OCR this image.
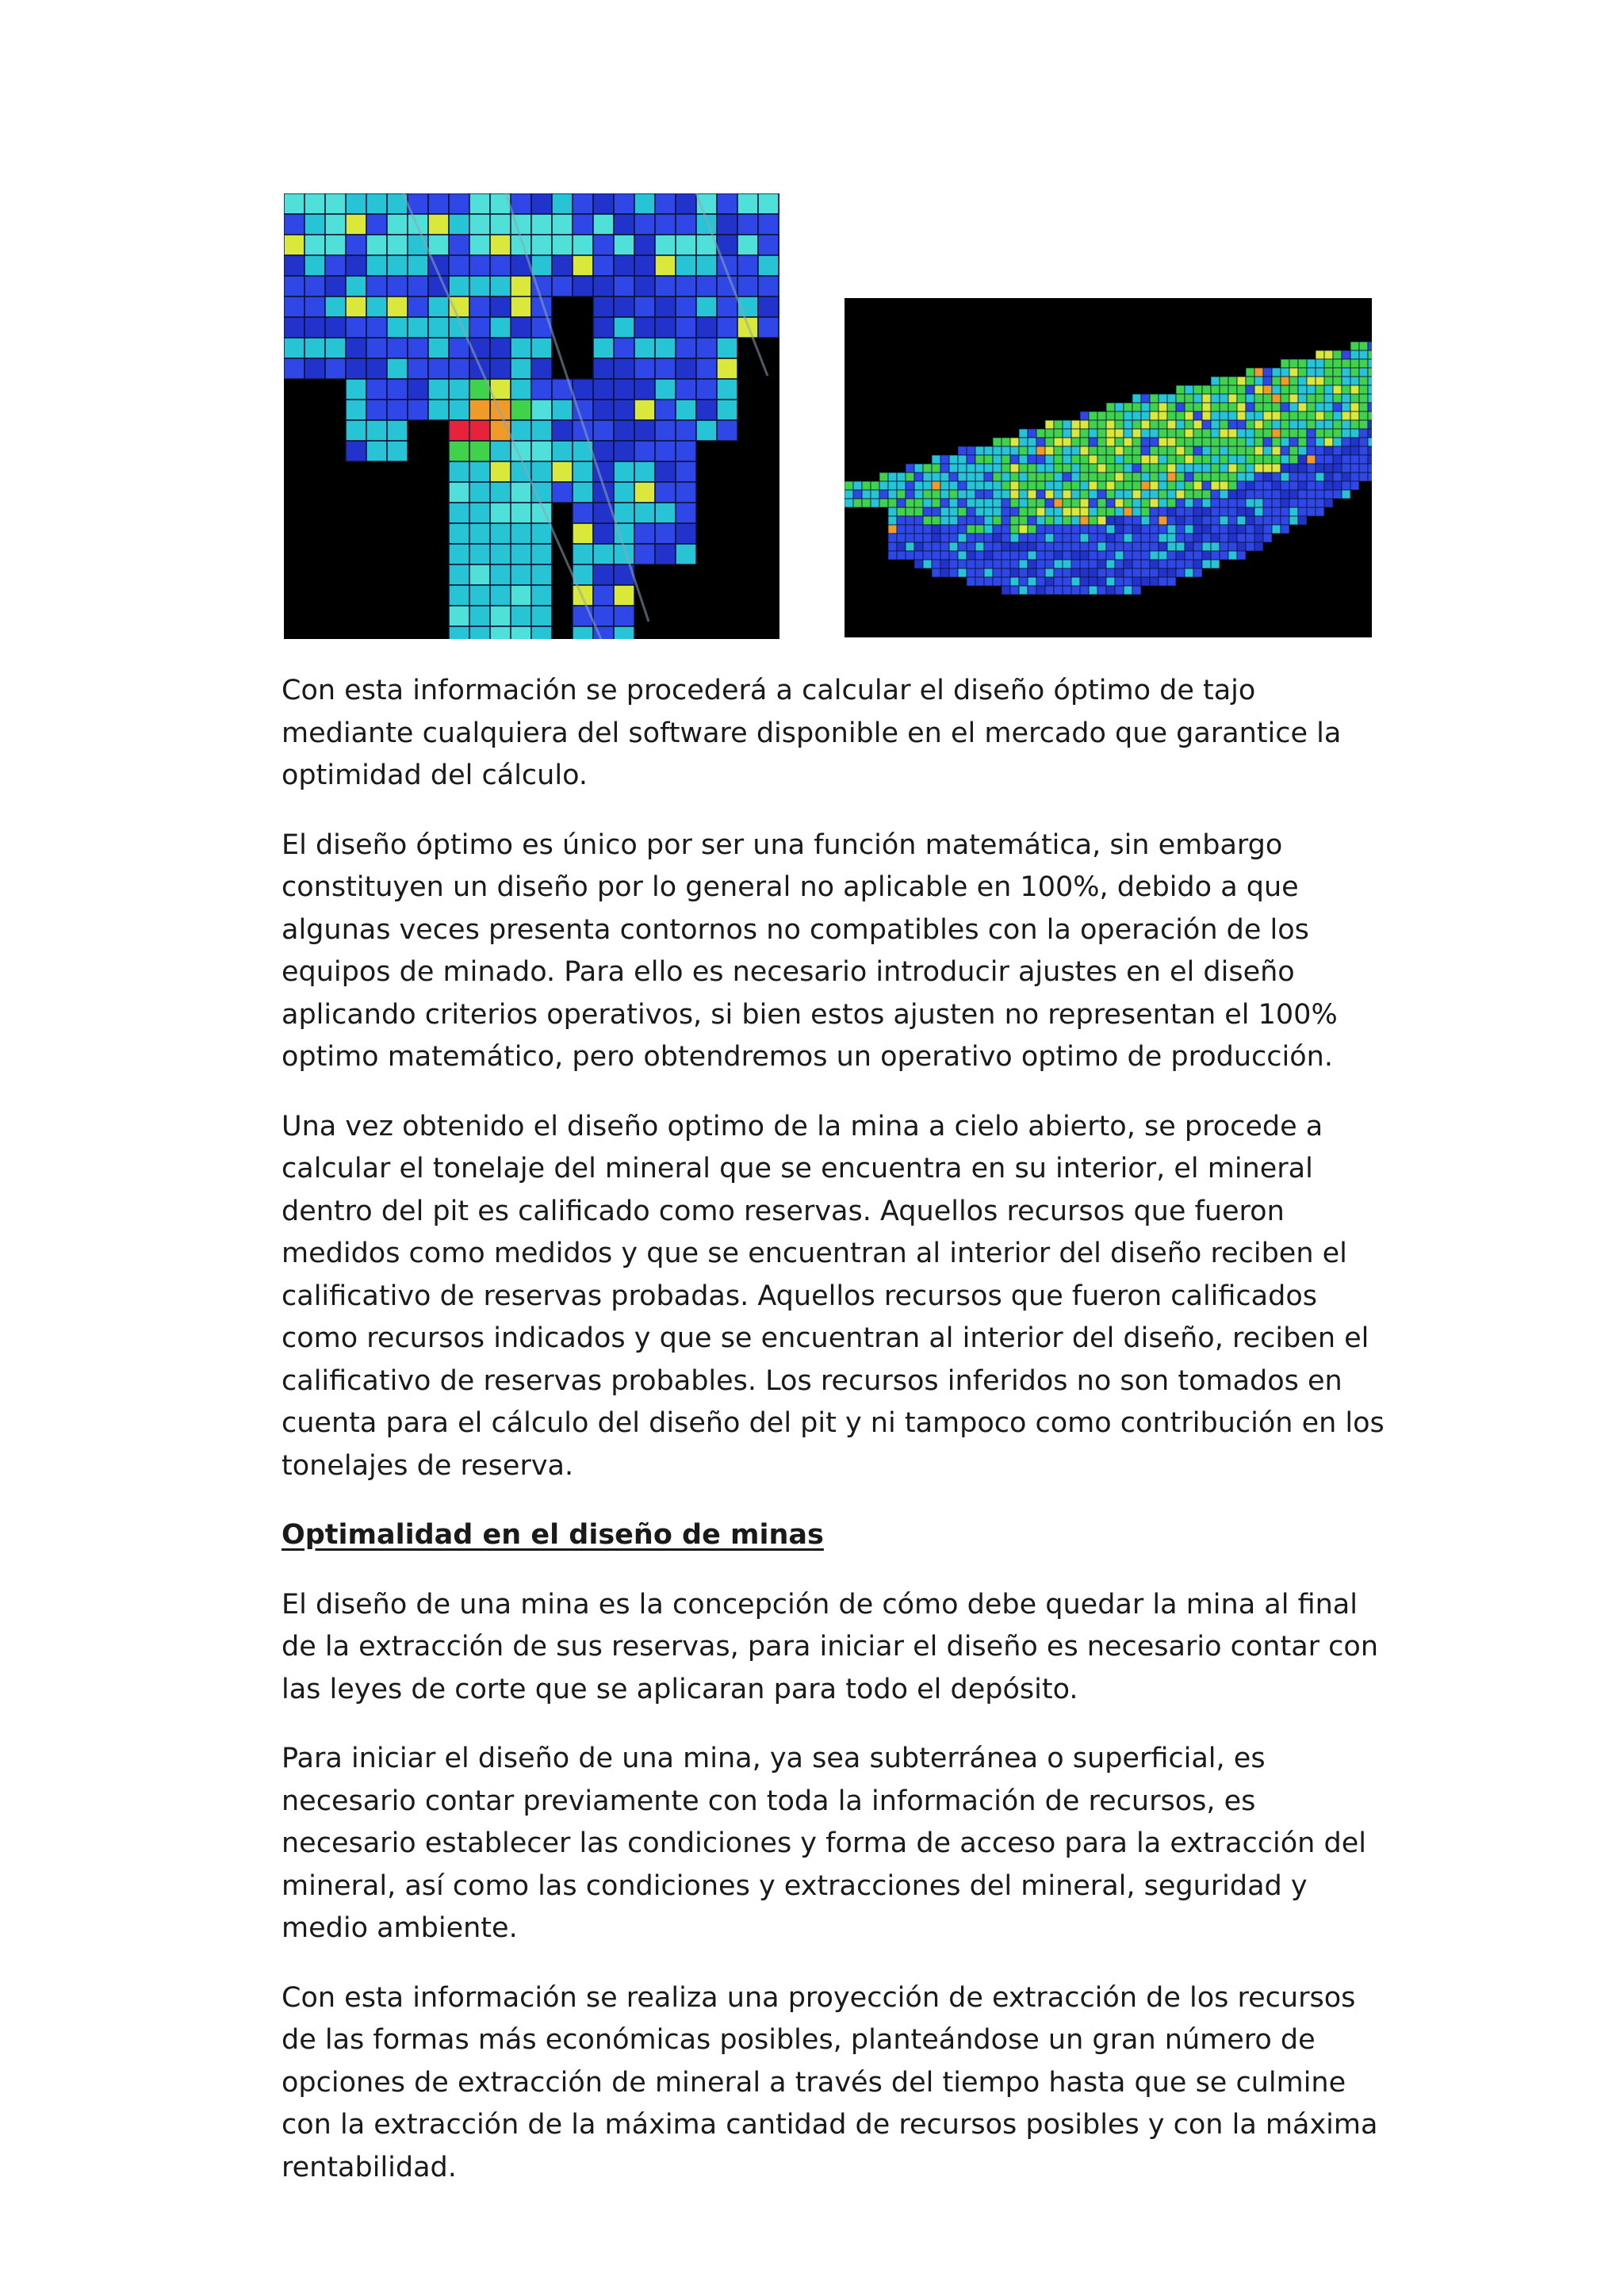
Con esta información se procederá a calcular el diseño óptimo de tajo mediante cualquiera del software disponible en el mercado que garantice la optimidad del cálculo.

El diseño óptimo es único por ser una función matemática, sin embargo constituyen un diseño por lo general no aplicable en 100%, debido a que algunas veces presenta contornos no compatibles con la operación de los equipos de minado. Para ello es necesario introducir ajustes en el diseño aplicando criterios operativos, si bien estos ajusten no representan el 100% optimo matemático, pero obtendremos un operativo optimo de producción.

Una vez obtenido el diseño optimo de la mina a cielo abierto, se procede a calcular el tonelaje del mineral que se encuentra en su interior, el mineral dentro del pit es calificado como reservas. Aquellos recursos que fueron medidos como medidos y que se encuentran al interior del diseño reciben el calificativo de reservas probadas. Aquellos recursos que fueron calificados como recursos indicados y que se encuentran al interior del diseño, reciben el calificativo de reservas probables. Los recursos inferidos no son tomados en cuenta para el cálculo del diseño del pit y ni tampoco como contribución en los tonelajes de reserva.

Optimalidad en el diseño de minas

El diseño de una mina es la concepción de cómo debe quedar la mina al final de la extracción de sus reservas, para iniciar el diseño es necesario contar con las leyes de corte que se aplicaran para todo el depósito.

Para iniciar el diseño de una mina, ya sea subterránea o superficial, es necesario contar previamente con toda la información de recursos, es necesario establecer las condiciones y forma de acceso para la extracción del mineral, así como las condiciones y extracciones del mineral, seguridad y medio ambiente.

Con esta información se realiza una proyección de extracción de los recursos de las formas más económicas posibles, planteándose un gran número de opciones de extracción de mineral a través del tiempo hasta que se culmine con la extracción de la máxima cantidad de recursos posibles y con la máxima rentabilidad.
